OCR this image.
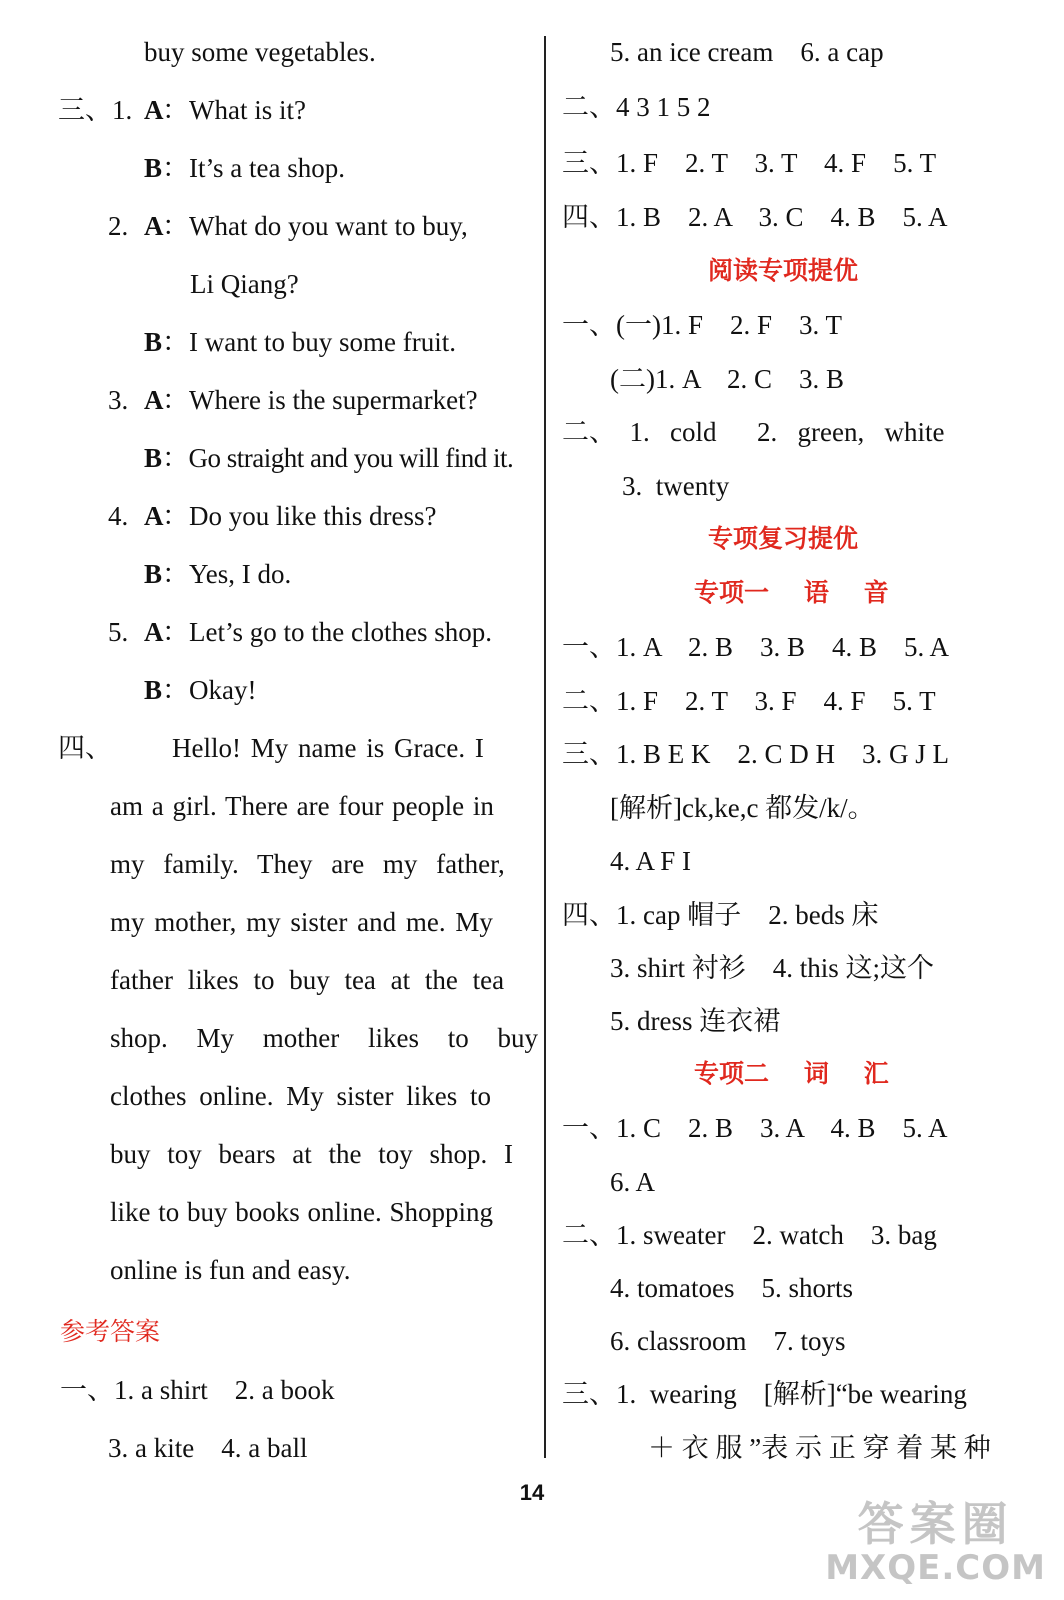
buy some vegetables.
三、1. A
：What is it?
B ：It’s a tea shop.
2. A
：What do you want to buy,
Li Qiang?
B ：I want to buy some fruit.
3. A
：Where is the supermarket?
B ：Go straight and you will find it.
4. A
：Do you like this dress?
B ：Yes, I do.
5. A
：Let’s go to the clothes shop.
B ：Okay!
四、 Hello! My name is Grace. I
am a girl. There are four people in
my family. They are my father,
my mother, my sister and me. My
father likes to buy tea at the tea
shop. My mother likes to buy
clothes online. My sister likes to
buy toy bears at the toy shop. I
like to buy books online. Shopping
online is fun and easy.
参考答案
一、1. a shirt    2. a book
3. a kite    4. a ball
5. an ice cream    6. a cap
二、4 3 1 5 2
三、1. F    2. T    3. T    4. F    5. T
四、1. B    2. A    3. C    4. B    5. A
阅读专项提优
一、(一)1. F    2. F    3. T
(二)1. A    2. C    3. B
二、  1.   cold      2.   green,   white
3.  twenty
专项复习提优
专项一    语    音
一、1. A    2. B    3. B    4. B    5. A
二、1. F    2. T    3. F    4. F    5. T
三、1. B E K    2. C D H    3. G J L
[解析]ck,ke,c 都发/k/。
4. A F I
四、1. cap 帽子    2. beds 床
3. shirt 衬衫    4. this 这;这个
5. dress 连衣裙
专项二    词    汇
一、1. C    2. B    3. A    4. B    5. A
6. A
二、1. sweater    2. watch    3. bag
4. tomatoes    5. shorts
6. classroom    7. toys
三、1.  wearing    [解析]“be wearing
＋ 衣 服 ”表 示 正 穿 着 某 种
14
答案圈
MXQE.COM
